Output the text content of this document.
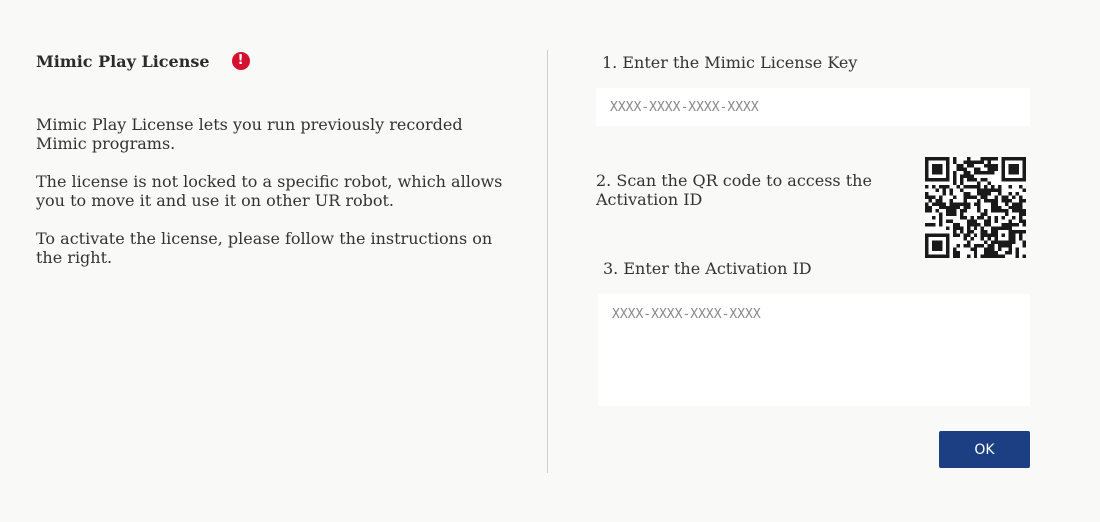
Mimic Play License	!

Mimic Play License lets you run previously recorded Mimic programs.

The license is not locked to a specific robot, which allows you to move it and use it on other UR robot.

To activate the license, please follow the instructions on the right.

1. Enter the Mimic License Key
XXXX-XXXX-XXXX-XXXX
2. Scan the QR code to access the Activation ID
3. Enter the Activation ID
XXXX-XXXX-XXXX-XXXX
OK
